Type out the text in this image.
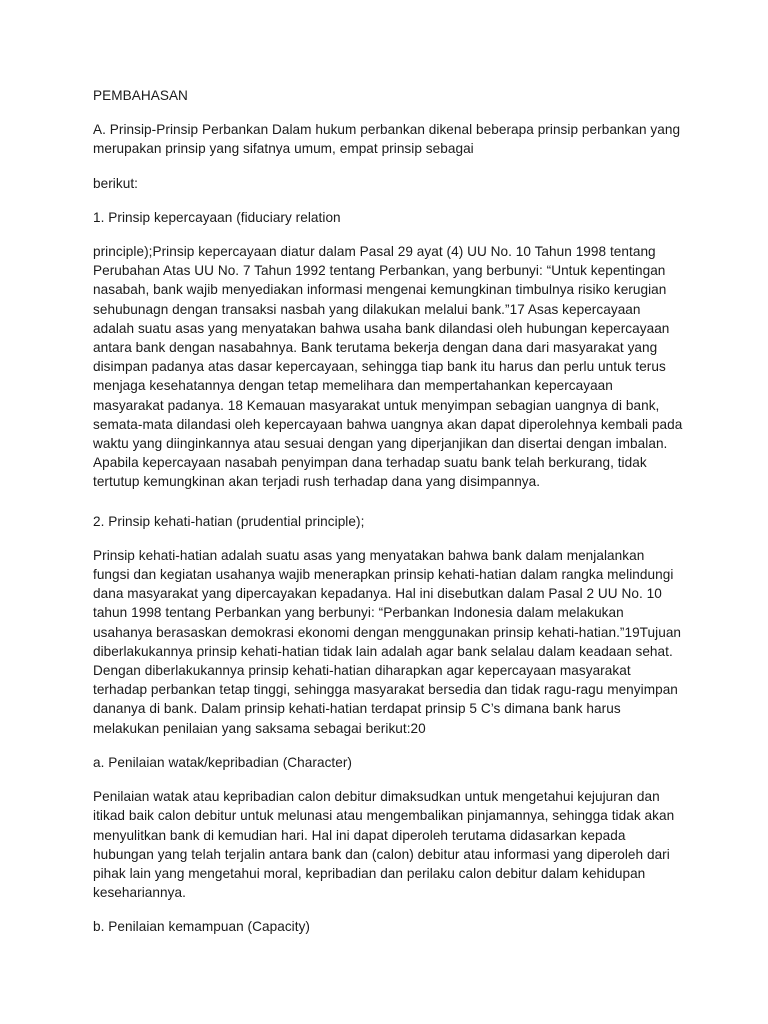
PEMBAHASAN

A. Prinsip-Prinsip Perbankan Dalam hukum perbankan dikenal beberapa prinsip perbankan yang merupakan prinsip yang sifatnya umum, empat prinsip sebagai

berikut:

1. Prinsip kepercayaan (fiduciary relation

principle);Prinsip kepercayaan diatur dalam Pasal 29 ayat (4) UU No. 10 Tahun 1998 tentang Perubahan Atas UU No. 7 Tahun 1992 tentang Perbankan, yang berbunyi: “Untuk kepentingan nasabah, bank wajib menyediakan informasi mengenai kemungkinan timbulnya risiko kerugian sehubunagn dengan transaksi nasbah yang dilakukan melalui bank.”17 Asas kepercayaan adalah suatu asas yang menyatakan bahwa usaha bank dilandasi oleh hubungan kepercayaan antara bank dengan nasabahnya. Bank terutama bekerja dengan dana dari masyarakat yang disimpan padanya atas dasar kepercayaan, sehingga tiap bank itu harus dan perlu untuk terus menjaga kesehatannya dengan tetap memelihara dan mempertahankan kepercayaan masyarakat padanya. 18 Kemauan masyarakat untuk menyimpan sebagian uangnya di bank, semata-mata dilandasi oleh kepercayaan bahwa uangnya akan dapat diperolehnya kembali pada waktu yang diinginkannya atau sesuai dengan yang diperjanjikan dan disertai dengan imbalan. Apabila kepercayaan nasabah penyimpan dana terhadap suatu bank telah berkurang, tidak tertutup kemungkinan akan terjadi rush terhadap dana yang disimpannya.

2. Prinsip kehati-hatian (prudential principle);

Prinsip kehati-hatian adalah suatu asas yang menyatakan bahwa bank dalam menjalankan fungsi dan kegiatan usahanya wajib menerapkan prinsip kehati-hatian dalam rangka melindungi dana masyarakat yang dipercayakan kepadanya. Hal ini disebutkan dalam Pasal 2 UU No. 10 tahun 1998 tentang Perbankan yang berbunyi: “Perbankan Indonesia dalam melakukan usahanya berasaskan demokrasi ekonomi dengan menggunakan prinsip kehati-hatian.”19Tujuan diberlakukannya prinsip kehati-hatian tidak lain adalah agar bank selalau dalam keadaan sehat. Dengan diberlakukannya prinsip kehati-hatian diharapkan agar kepercayaan masyarakat terhadap perbankan tetap tinggi, sehingga masyarakat bersedia dan tidak ragu-ragu menyimpan dananya di bank. Dalam prinsip kehati-hatian terdapat prinsip 5 C’s dimana bank harus melakukan penilaian yang saksama sebagai berikut:20

a. Penilaian watak/kepribadian (Character)

Penilaian watak atau kepribadian calon debitur dimaksudkan untuk mengetahui kejujuran dan itikad baik calon debitur untuk melunasi atau mengembalikan pinjamannya, sehingga tidak akan menyulitkan bank di kemudian hari. Hal ini dapat diperoleh terutama didasarkan kepada hubungan yang telah terjalin antara bank dan (calon) debitur atau informasi yang diperoleh dari pihak lain yang mengetahui moral, kepribadian dan perilaku calon debitur dalam kehidupan kesehariannya.

b. Penilaian kemampuan (Capacity)
